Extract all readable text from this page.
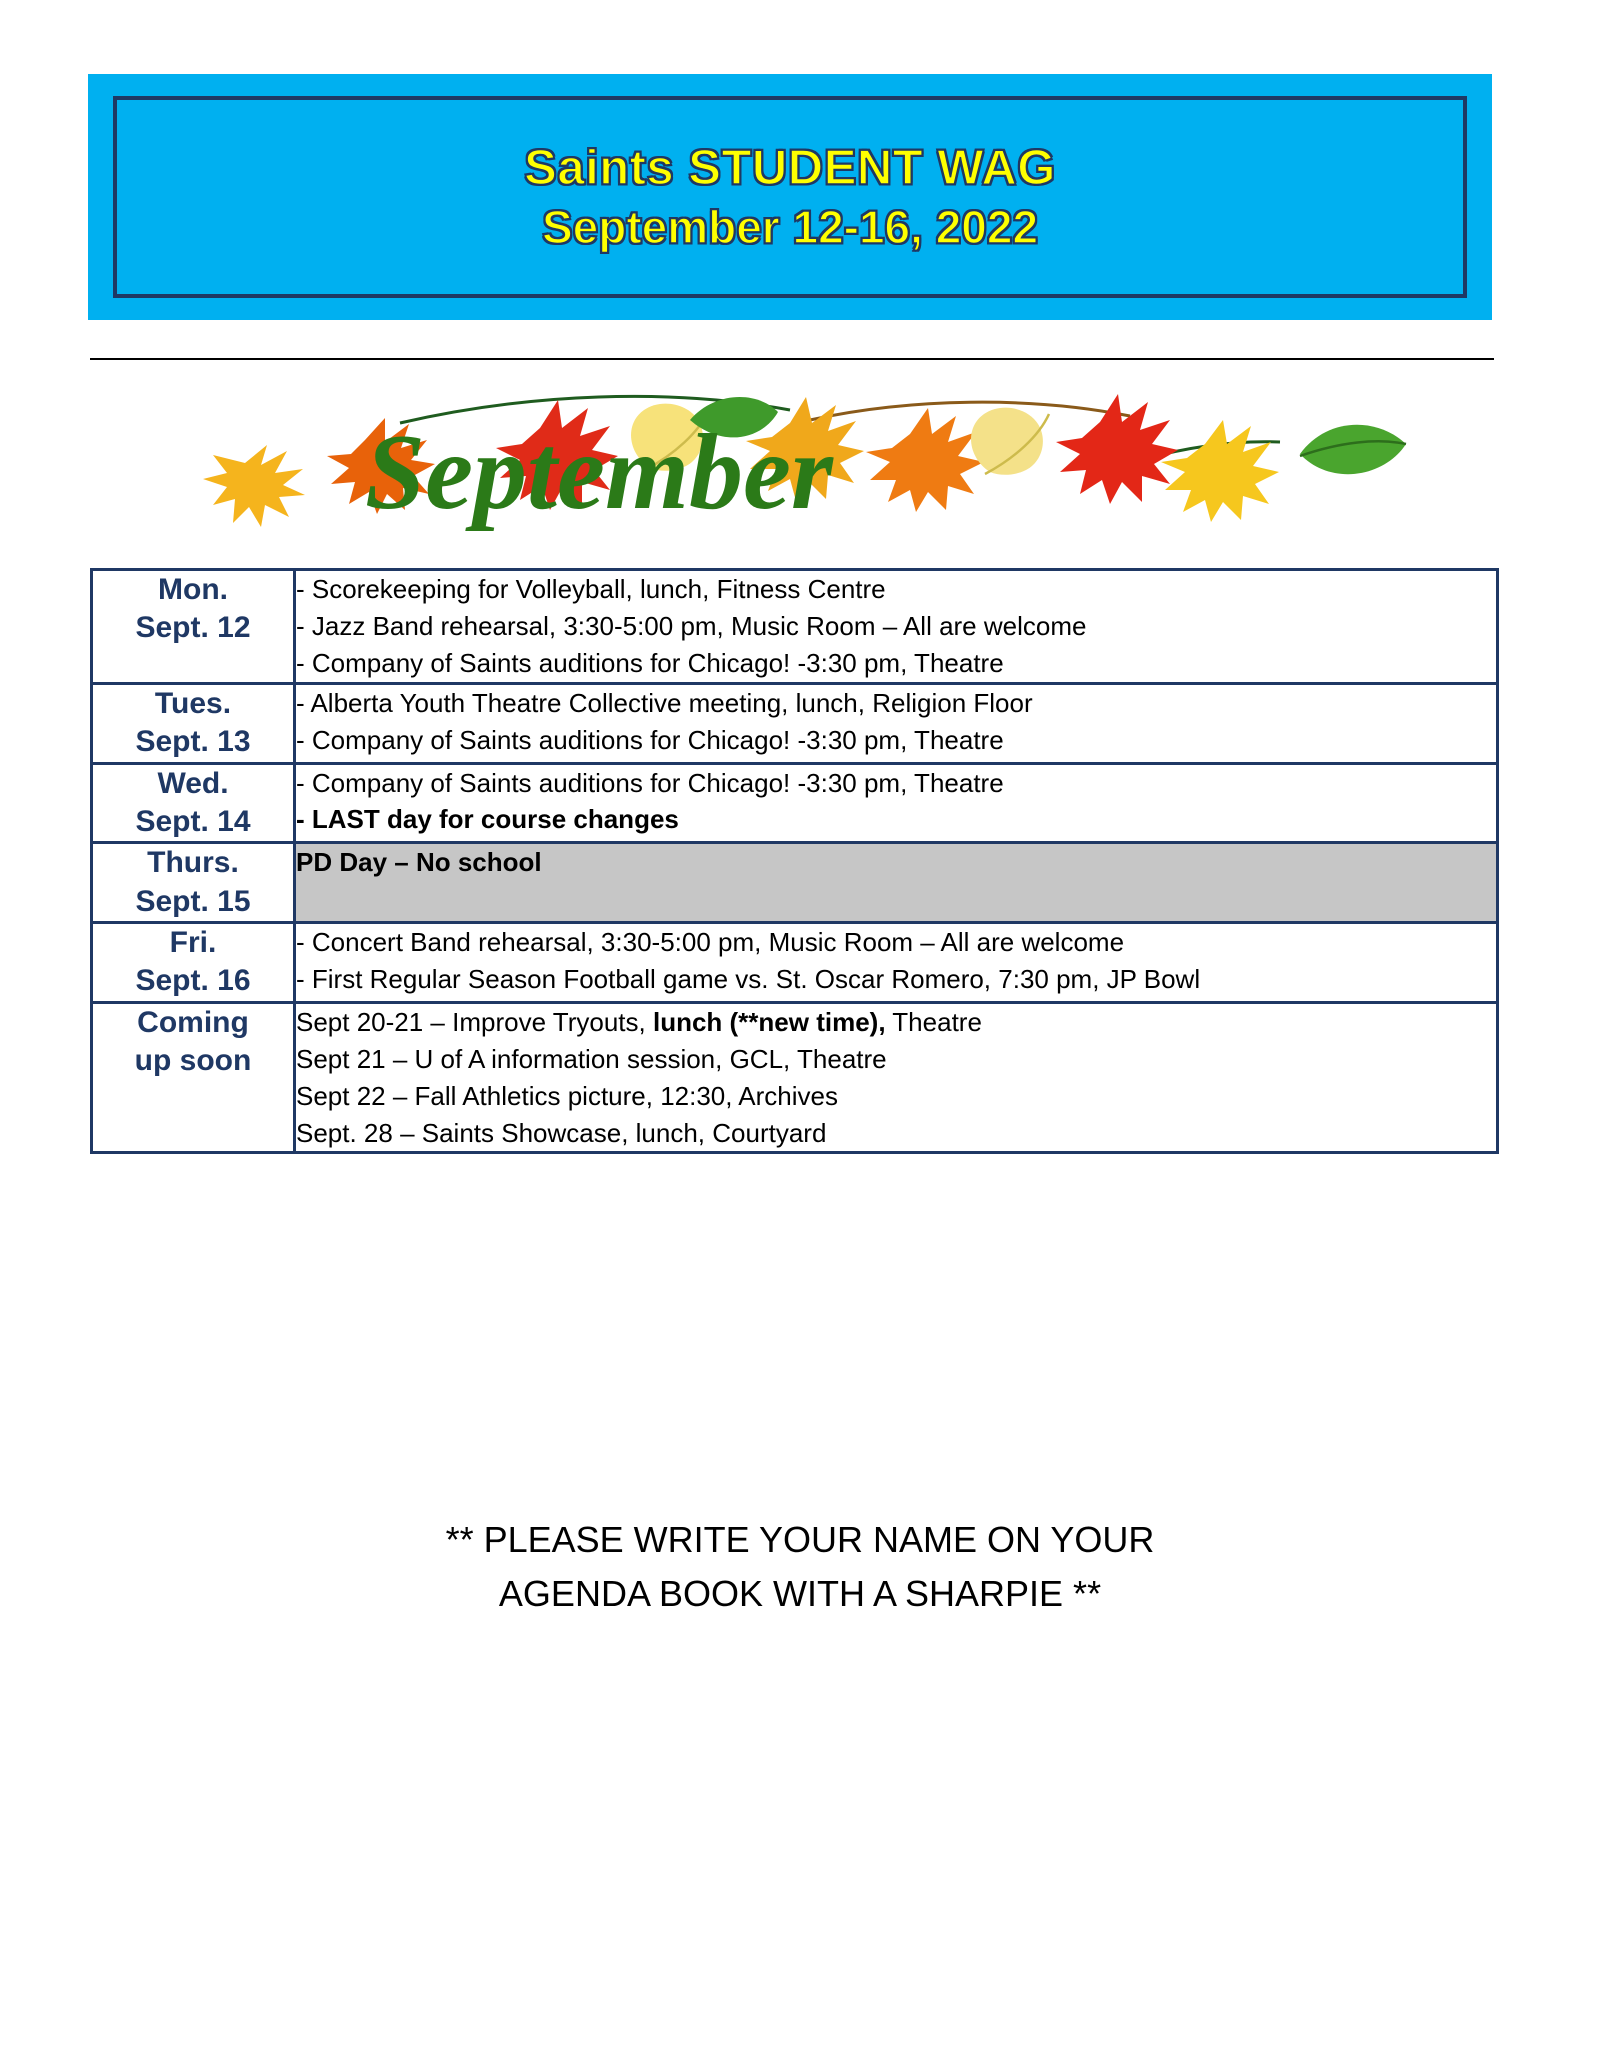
Saints STUDENT WAG
September 12-16, 2022
September
Mon.
Sept. 12	- Scorekeeping for Volleyball, lunch, Fitness Centre
- Jazz Band rehearsal, 3:30-5:00 pm, Music Room – All are welcome
- Company of Saints auditions for Chicago! -3:30 pm, Theatre

Tues.
Sept. 13	- Alberta Youth Theatre Collective meeting, lunch, Religion Floor
- Company of Saints auditions for Chicago! -3:30 pm, Theatre

Wed.
Sept. 14	- Company of Saints auditions for Chicago! -3:30 pm, Theatre
- LAST day for course changes

Thurs.
Sept. 15	PD Day – No school

Fri.
Sept. 16	- Concert Band rehearsal, 3:30-5:00 pm, Music Room – All are welcome
- First Regular Season Football game vs. St. Oscar Romero, 7:30 pm, JP Bowl

Coming
up soon	Sept 20-21 – Improve Tryouts, lunch (**new time), Theatre
Sept 21 – U of A information session, GCL, Theatre
Sept 22 – Fall Athletics picture, 12:30, Archives
Sept. 28 – Saints Showcase, lunch, Courtyard
** PLEASE WRITE YOUR NAME ON YOUR
AGENDA BOOK WITH A SHARPIE **
